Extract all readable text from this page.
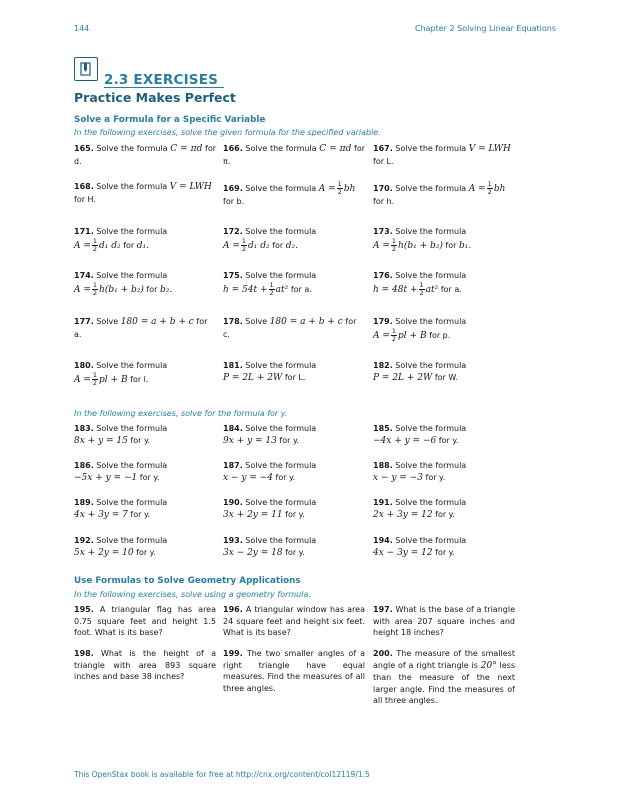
144	Chapter 2 Solving Linear Equations
2.3 EXERCISES
Practice Makes Perfect
Solve a Formula for a Specific Variable
In the following exercises, solve the given formula for the specified variable.
165. Solve the formula C = πd for d.
166. Solve the formula C = πd for π.
167. Solve the formula V = LWH for L.
168. Solve the formula V = LWH for H.
169. Solve the formula $A = \frac{1}{2}$ bh
for b.
170. Solve the formula $A = \frac{1}{2}$ bh
for h.
171. Solve the formula
$A = \frac{1}{2} d_1$ d₂ for d₁.
172. Solve the formula
$A = \frac{1}{2} d_1$ d₂ for d₂.
173. Solve the formula
$A = \frac{1}{2} h(b_1 + b_2)$ for b₁.
174. Solve the formula
$A = \frac{1}{2} h(b_1 + b_2)$ for b₂.
175. Solve the formula
$h = 54t + \frac{1}{2} at^2$ for a.
176. Solve the formula
$h = 48t + \frac{1}{2} at^2$ for a.
177. Solve 180 = a + b + c for a.
178. Solve 180 = a + b + c for c.
179. Solve the formula
$A = \frac{1}{2}$ pl + B for p.
180. Solve the formula
$A = \frac{1}{2}$ pl + B for l.
181. Solve the formula
P = 2L + 2W for L.
182. Solve the formula
P = 2L + 2W for W.
In the following exercises, solve for the formula for y.
183. Solve the formula
8x + y = 15 for y.
184. Solve the formula
9x + y = 13 for y.
185. Solve the formula
−4x + y = −6 for y.
186. Solve the formula
−5x + y = −1 for y.
187. Solve the formula
x − y = −4 for y.
188. Solve the formula
x − y = −3 for y.
189. Solve the formula
4x + 3y = 7 for y.
190. Solve the formula
3x + 2y = 11 for y.
191. Solve the formula
2x + 3y = 12 for y.
192. Solve the formula
5x + 2y = 10 for y.
193. Solve the formula
3x − 2y = 18 for y.
194. Solve the formula
4x − 3y = 12 for y.
Use Formulas to Solve Geometry Applications
In the following exercises, solve using a geometry formula.
195. A triangular flag has area 0.75 square feet and height 1.5 foot. What is its base?
196. A triangular window has area 24 square feet and height six feet. What is its base?
197. What is the base of a triangle with area 207 square inches and height 18 inches?
198. What is the height of a triangle with area 893 square inches and base 38 inches?
199. The two smaller angles of a right triangle have equal measures. Find the measures of all three angles.
200. The measure of the smallest angle of a right triangle is 20° less than the measure of the next larger angle. Find the measures of all three angles.
This OpenStax book is available for free at http://cnx.org/content/col12119/1.5
